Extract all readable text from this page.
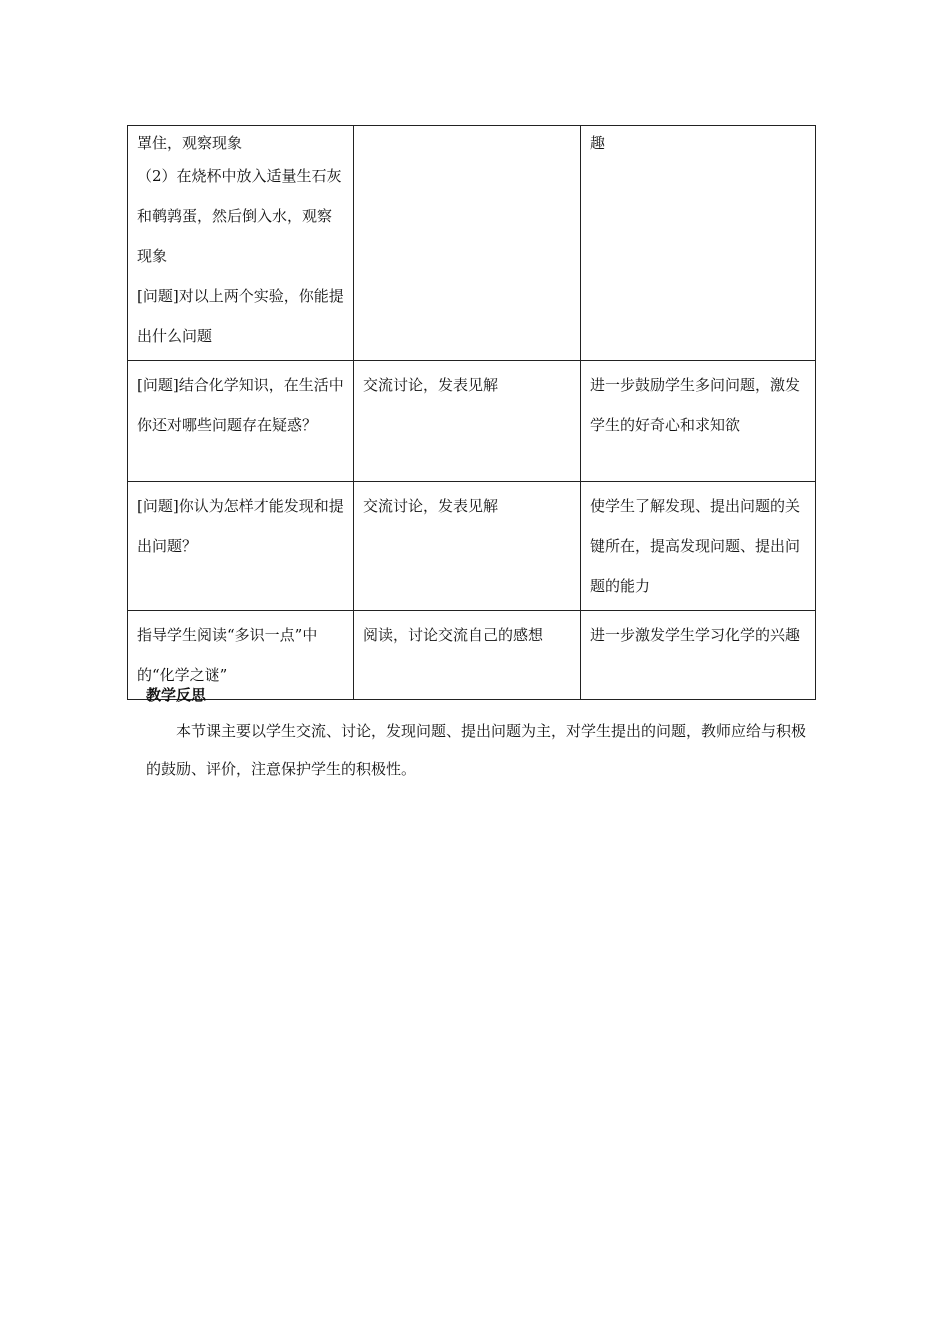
罩住，观察现象
（2）在烧杯中放入适量生石灰和鹌鹑蛋，然后倒入水，观察现象
[问题]对以上两个实验，你能提出什么问题		趣

[问题]结合化学知识，在生活中你还对哪些问题存在疑惑？	交流讨论，发表见解	进一步鼓励学生多问问题，激发学生的好奇心和求知欲
[问题]你认为怎样才能发现和提出问题？	交流讨论，发表见解	使学生了解发现、提出问题的关键所在，提高发现问题、提出问题的能力
指导学生阅读“多识一点”中的“化学之谜”	阅读，讨论交流自己的感想	进一步激发学生学习化学的兴趣
教学反思
本节课主要以学生交流、讨论，发现问题、提出问题为主，对学生提出的问题，教师应给与积极的鼓励、评价，注意保护学生的积极性。
